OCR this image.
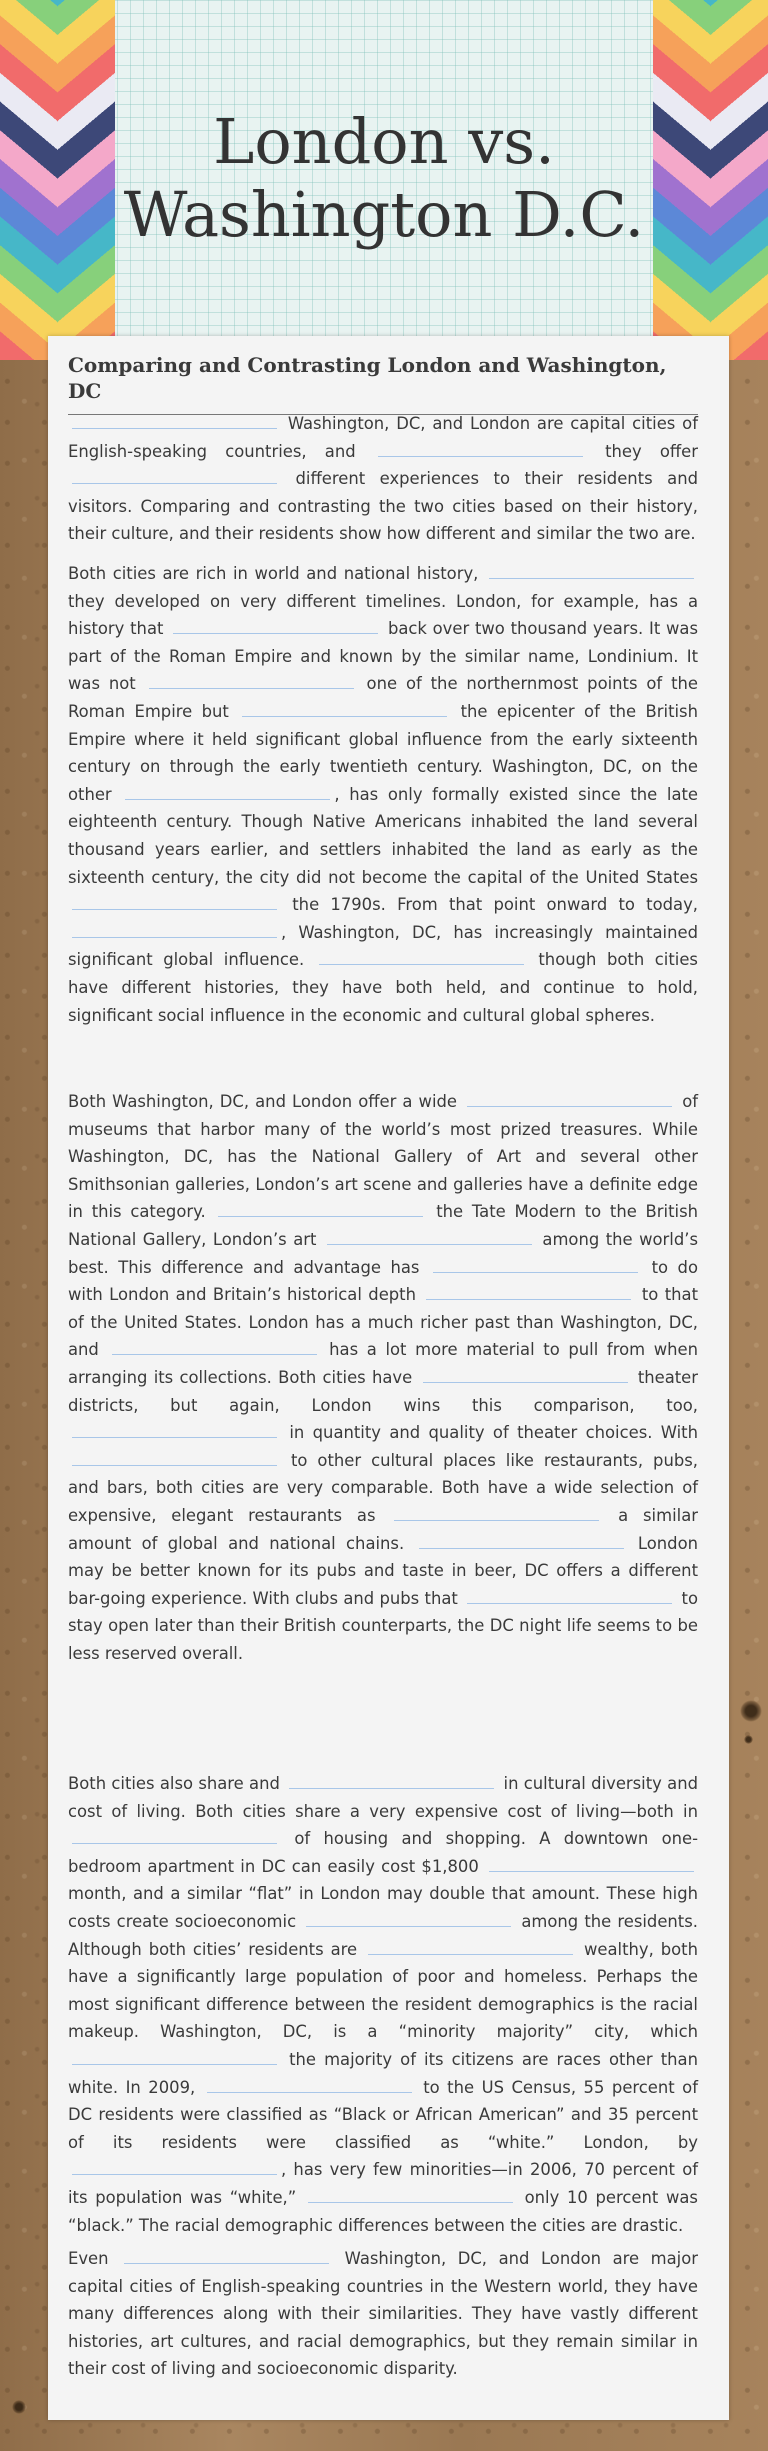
London vs. Washington D.C.
Comparing and Contrasting London and Washington, DC

Washington, DC, and London are capital cities of English-speaking countries, and	they offer  different experiences to their residents and visitors. Comparing and contrasting the two cities based on their history, their culture, and their residents show how different and similar the two are.

Both cities are rich in world and national history,  they developed on very different timelines. London, for example, has a history that	back over two thousand years. It was part of the Roman Empire and known by the similar name, Londinium. It was not	one of the northernmost points of the Roman Empire but	the epicenter of the British Empire where it held significant global influence from the early sixteenth century on through the early twentieth century. Washington, DC, on the other	, has only formally existed since the late eighteenth century. Though Native Americans inhabited the land several thousand years earlier, and settlers inhabited the land as early as the sixteenth century, the city did not become the capital of the United States  the 1790s. From that point onward to today, , Washington, DC, has increasingly maintained significant global influence.	though both cities have different histories, they have both held, and continue to hold, significant social influence in the economic and cultural global spheres.

Both Washington, DC, and London offer a wide	of museums that harbor many of the world’s most prized treasures. While Washington, DC, has the National Gallery of Art and several other Smithsonian galleries, London’s art scene and galleries have a definite edge in this category.	the Tate Modern to the British National Gallery, London’s art	among the world’s best. This difference and advantage has	to do with London and Britain’s historical depth	to that of the United States. London has a much richer past than Washington, DC, and	has a lot more material to pull from when arranging its collections. Both cities have	theater districts, but again, London wins this comparison, too,  in quantity and quality of theater choices. With  to other cultural places like restaurants, pubs, and bars, both cities are very comparable. Both have a wide selection of expensive, elegant restaurants as	a similar amount of global and national chains.	London may be better known for its pubs and taste in beer, DC offers a different bar-going experience. With clubs and pubs that	to stay open later than their British counterparts, the DC night life seems to be less reserved overall.

Both cities also share and	in cultural diversity and cost of living. Both cities share a very expensive cost of living—both in  of housing and shopping. A downtown one-bedroom apartment in DC can easily cost $1,800  month, and a similar “flat” in London may double that amount. These high costs create socioeconomic	among the residents. Although both cities’ residents are	wealthy, both have a significantly large population of poor and homeless. Perhaps the most significant difference between the resident demographics is the racial makeup. Washington, DC, is a “minority majority” city, which  the majority of its citizens are races other than white. In 2009,	to the US Census, 55 percent of DC residents were classified as “Black or African American” and 35 percent of its residents were classified as “white.” London, by , has very few minorities—in 2006, 70 percent of its population was “white,”	only 10 percent was “black.” The racial demographic differences between the cities are drastic.

Even	Washington, DC, and London are major capital cities of English-speaking countries in the Western world, they have many differences along with their similarities. They have vastly different histories, art cultures, and racial demographics, but they remain similar in their cost of living and socioeconomic disparity.
